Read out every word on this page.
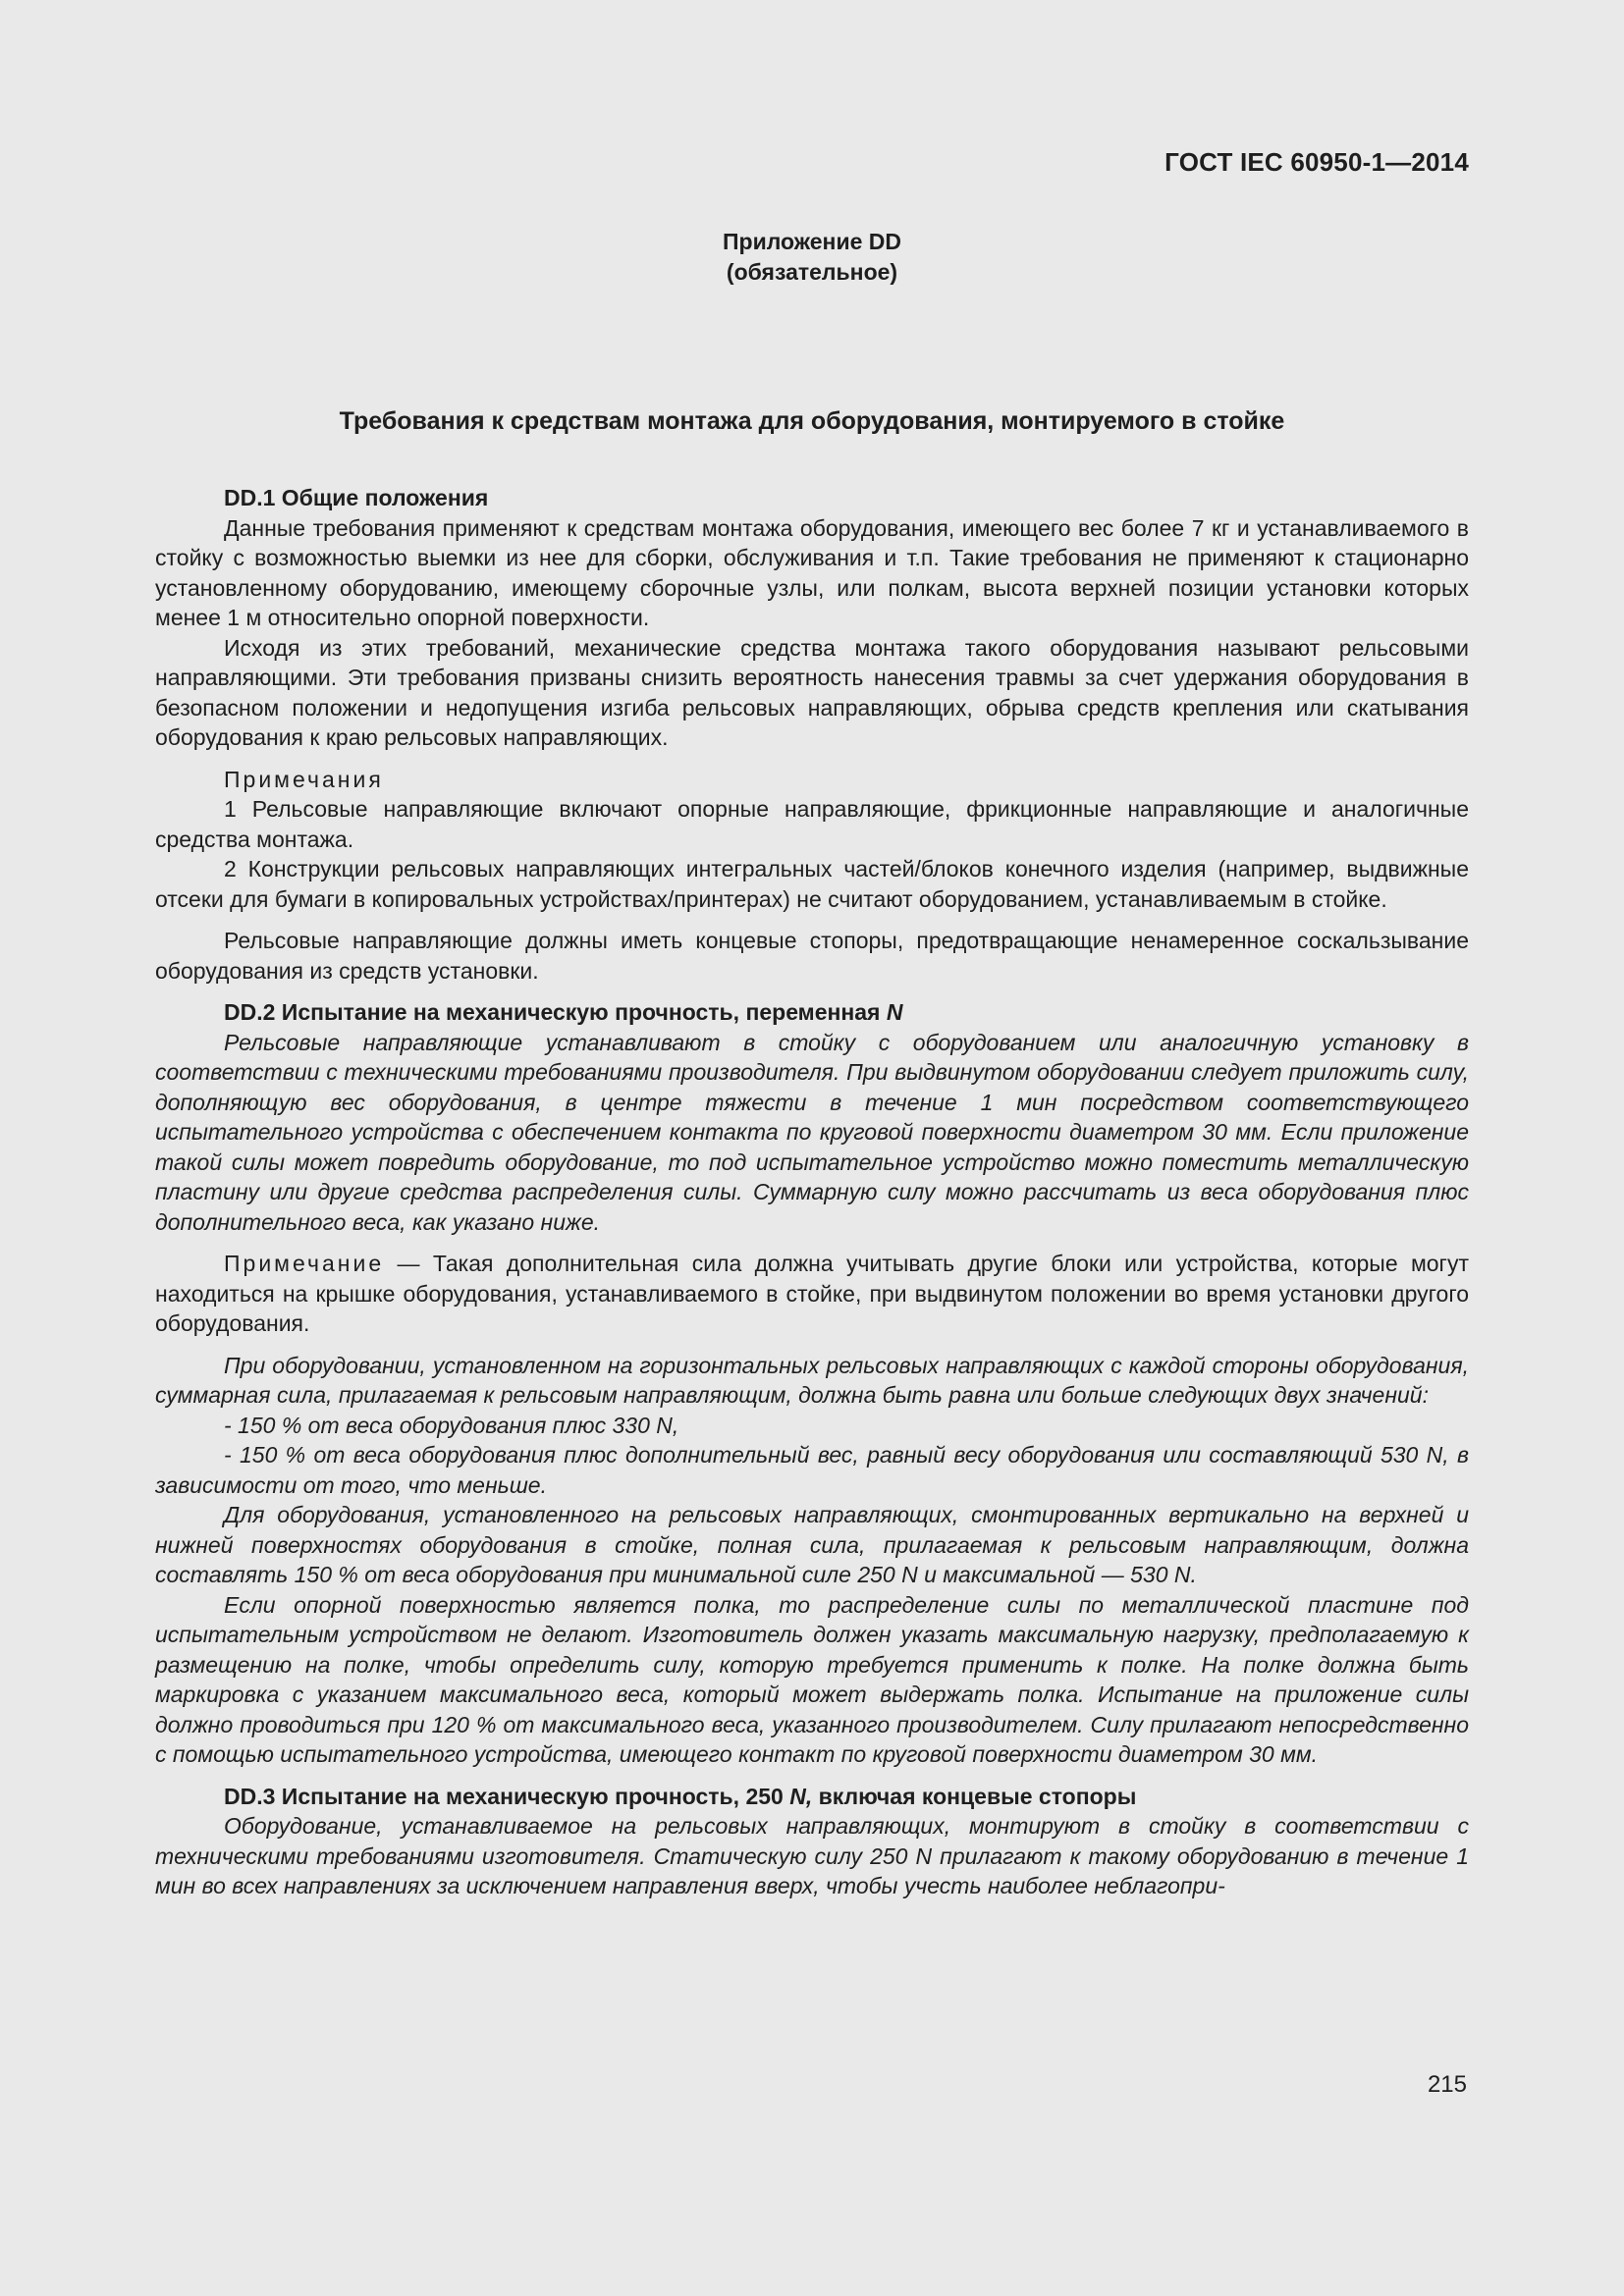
ГОСТ IEC 60950-1—2014
Приложение DD
(обязательное)
Требования к средствам монтажа для оборудования, монтируемого в стойке
DD.1 Общие положения

Данные требования применяют к средствам монтажа оборудования, имеющего вес более 7 кг и устанавливаемого в стойку с возможностью выемки из нее для сборки, обслуживания и т.п. Такие требования не применяют к стационарно установленному оборудованию, имеющему сборочные узлы, или полкам, высота верхней позиции установки которых менее 1 м относительно опорной поверхности.

Исходя из этих требований, механические средства монтажа такого оборудования называют рельсовыми направляющими. Эти требования призваны снизить вероятность нанесения травмы за счет удержания оборудования в безопасном положении и недопущения изгиба рельсовых направляющих, обрыва средств крепления или скатывания оборудования к краю рельсовых направляющих.

Примечания

1 Рельсовые направляющие включают опорные направляющие, фрикционные направляющие и аналогичные средства монтажа.

2 Конструкции рельсовых направляющих интегральных частей/блоков конечного изделия (например, выдвижные отсеки для бумаги в копировальных устройствах/принтерах) не считают оборудованием, устанавливаемым в стойке.

Рельсовые направляющие должны иметь концевые стопоры, предотвращающие ненамеренное соскальзывание оборудования из средств установки.

DD.2 Испытание на механическую прочность, переменная N

Рельсовые направляющие устанавливают в стойку с оборудованием или аналогичную установку в соответствии с техническими требованиями производителя. При выдвинутом оборудовании следует приложить силу, дополняющую вес оборудования, в центре тяжести в течение 1 мин посредством соответствующего испытательного устройства с обеспечением контакта по круговой поверхности диаметром 30 мм. Если приложение такой силы может повредить оборудование, то под испытательное устройство можно поместить металлическую пластину или другие средства распределения силы. Суммарную силу можно рассчитать из веса оборудования плюс дополнительного веса, как указано ниже.

Примечание — Такая дополнительная сила должна учитывать другие блоки или устройства, которые могут находиться на крышке оборудования, устанавливаемого в стойке, при выдвинутом положении во время установки другого оборудования.

При оборудовании, установленном на горизонтальных рельсовых направляющих с каждой стороны оборудования, суммарная сила, прилагаемая к рельсовым направляющим, должна быть равна или больше следующих двух значений:

- 150 % от веса оборудования плюс 330 N,

- 150 % от веса оборудования плюс дополнительный вес, равный весу оборудования или составляющий 530 N, в зависимости от того, что меньше.

Для оборудования, установленного на рельсовых направляющих, смонтированных вертикально на верхней и нижней поверхностях оборудования в стойке, полная сила, прилагаемая к рельсовым направляющим, должна составлять 150 % от веса оборудования при минимальной силе 250 N и максимальной — 530 N.

Если опорной поверхностью является полка, то распределение силы по металлической пластине под испытательным устройством не делают. Изготовитель должен указать максимальную нагрузку, предполагаемую к размещению на полке, чтобы определить силу, которую требуется применить к полке. На полке должна быть маркировка с указанием максимального веса, который может выдержать полка. Испытание на приложение силы должно проводиться при 120 % от максимального веса, указанного производителем. Силу прилагают непосредственно с помощью испытательного устройства, имеющего контакт по круговой поверхности диаметром 30 мм.

DD.3 Испытание на механическую прочность, 250 N, включая концевые стопоры

Оборудование, устанавливаемое на рельсовых направляющих, монтируют в стойку в соответствии с техническими требованиями изготовителя. Статическую силу 250 N прилагают к такому оборудованию в течение 1 мин во всех направлениях за исключением направления вверх, чтобы учесть наиболее неблагопри-

215
